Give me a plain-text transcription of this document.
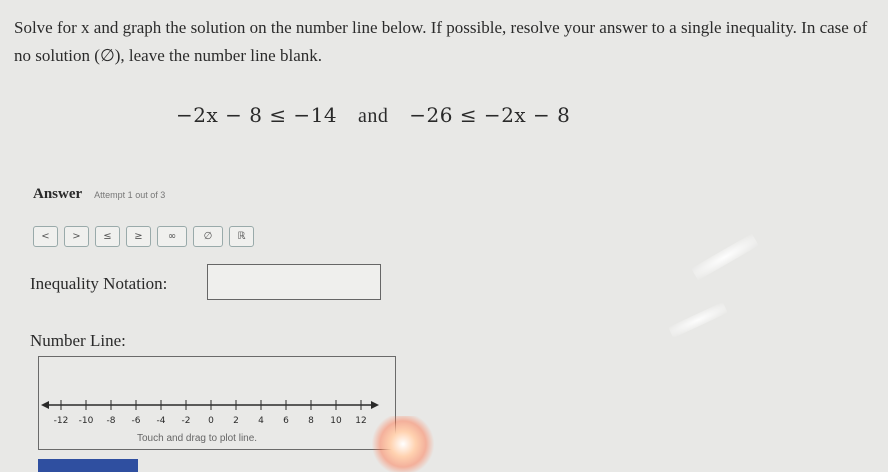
Solve for x and graph the solution on the number line below. If possible, resolve your answer to a single inequality. In case of no solution (∅), leave the number line blank.
−2x − 8 ≤ −14 and −26 ≤ −2x − 8
Answer Attempt 1 out of 3
<	>	≤	≥	∞	∅	ℝ
Inequality Notation:
Number Line:
-12 -10 -8 -6 -4 -2 0 2 4 6 8 10 12
Touch and drag to plot line.
